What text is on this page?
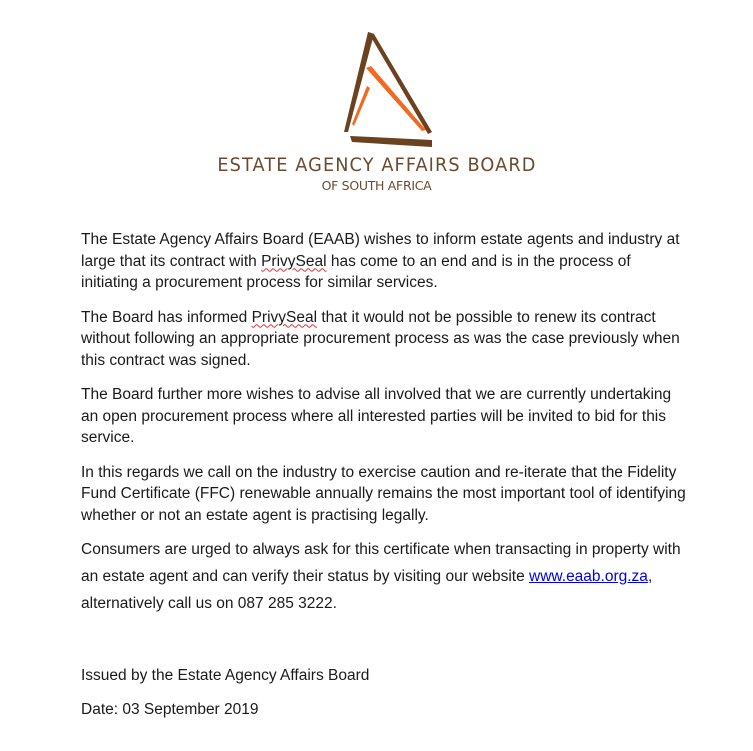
ESTATE AGENCY AFFAIRS BOARD
OF SOUTH AFRICA

The Estate Agency Affairs Board (EAAB) wishes to inform estate agents and industry at large that its contract with PrivySeal has come to an end and is in the process of initiating a procurement process for similar services.

The Board has informed PrivySeal that it would not be possible to renew its contract without following an appropriate procurement process as was the case previously when this contract was signed.

The Board further more wishes to advise all involved that we are currently undertaking an open procurement process where all interested parties will be invited to bid for this service.

In this regards we call on the industry to exercise caution and re-iterate that the Fidelity Fund Certificate (FFC) renewable annually remains the most important tool of identifying whether or not an estate agent is practising legally.

Consumers are urged to always ask for this certificate when transacting in property with an estate agent and can verify their status by visiting our website www.eaab.org.za, alternatively call us on 087 285 3222.

Issued by the Estate Agency Affairs Board
Date: 03 September 2019
